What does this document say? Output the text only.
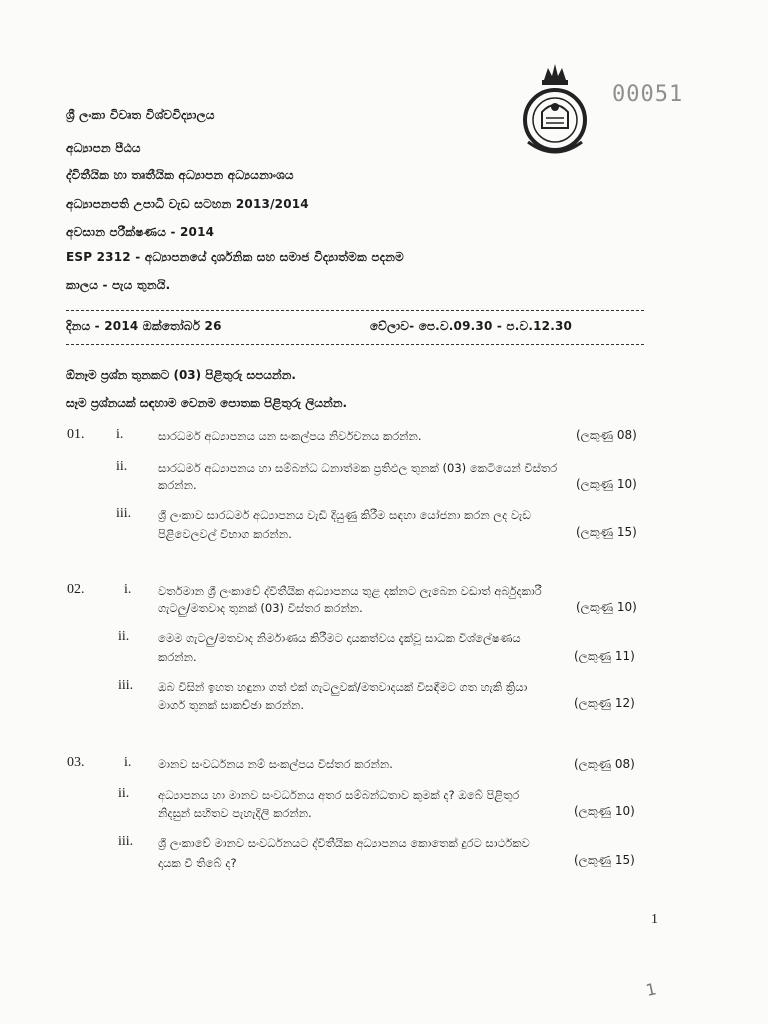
ශ්‍රී ලංකා විවෘත විශ්වවිද්‍යාලය
අධ්‍යාපන පීඨය
ද්විතීයික හා තෘතීයික අධ්‍යාපන අධ්‍යයනාංශය
අධ්‍යාපනපති උපාධි වැඩ සටහන 2013/2014
අවසාන පරීක්ෂණය - 2014
ESP 2312 - අධ්‍යාපනයේ දාර්ශනික සහ සමාජ විද්‍යාත්මක පදනම
කාලය - පැය තුනයි.
00051
දිනය - 2014 ඔක්තෝබර් 26	වේලාව- පෙ.ව.09.30 - ප.ව.12.30
ඕනෑම ප්‍රශ්න තුනකට (03) පිළිතුරු සපයන්න.
සෑම ප්‍රශ්නයක් සඳහාම වෙනම පොතක පිළිතුරු ලියන්න.
01. i.	සාරධර්ම අධ්‍යාපනය යන සංකල්පය නිර්වචනය කරන්න.	(ලකුණු 08)
ii.	සාරධර්ම අධ්‍යාපනය හා සම්බන්ධ ධනාත්මක ප්‍රතිඵල තුනක් (03) කෙටියෙන් විස්තර
කරන්න.	(ලකුණු 10)
iii. ශ්‍රී ලංකාව සාරධර්ම අධ්‍යාපනය වැඩි දියුණු කිරීම සඳහා යෝජනා කරන ලද වැඩ
පිළිවෙලවල් විභාග කරන්න.	(ලකුණු 15)
02.	i. වර්තමාන ශ්‍රී ලංකාවේ ද්විතීයික අධ්‍යාපනය තුළ දක්නට ලැබෙන වඩාත් අර්බුදකාරී
ගැටලු/මතවාද තුනක් (03) විස්තර කරන්න.	(ලකුණු 10)
ii. මෙම ගැටලු/මතවාද නිර්මාණය කිරීමට දායකත්වය දැක්වූ සාධක විශ්ලේෂණය
කරන්න.	(ලකුණු 11)
iii. ඔබ විසින් ඉහත හඳුනා ගත් එක් ගැටලුවක්/මතවාදයක් විසඳීමට ගත හැකි ක්‍රියා
මාර්ග තුනක් සාකච්ඡා කරන්න.	(ලකුණු 12)
03.	i. මානව සංවර්ධනය නම් සංකල්පය විස්තර කරන්න.	(ලකුණු 08)
ii. අධ්‍යාපනය හා මානව සංවර්ධනය අතර සම්බන්ධතාව කුමක් ද? ඔබේ පිළිතුර
නිදසුන් සහිතව පැහැදිලි කරන්න.	(ලකුණු 10)
iii. ශ්‍රී ලංකාවේ මානව සංවර්ධනයට ද්විතීයික අධ්‍යාපනය කොතෙක් දුරට සාර්ථකව
දායක වී තිබේ ද?	(ලකුණු 15)
1
1
